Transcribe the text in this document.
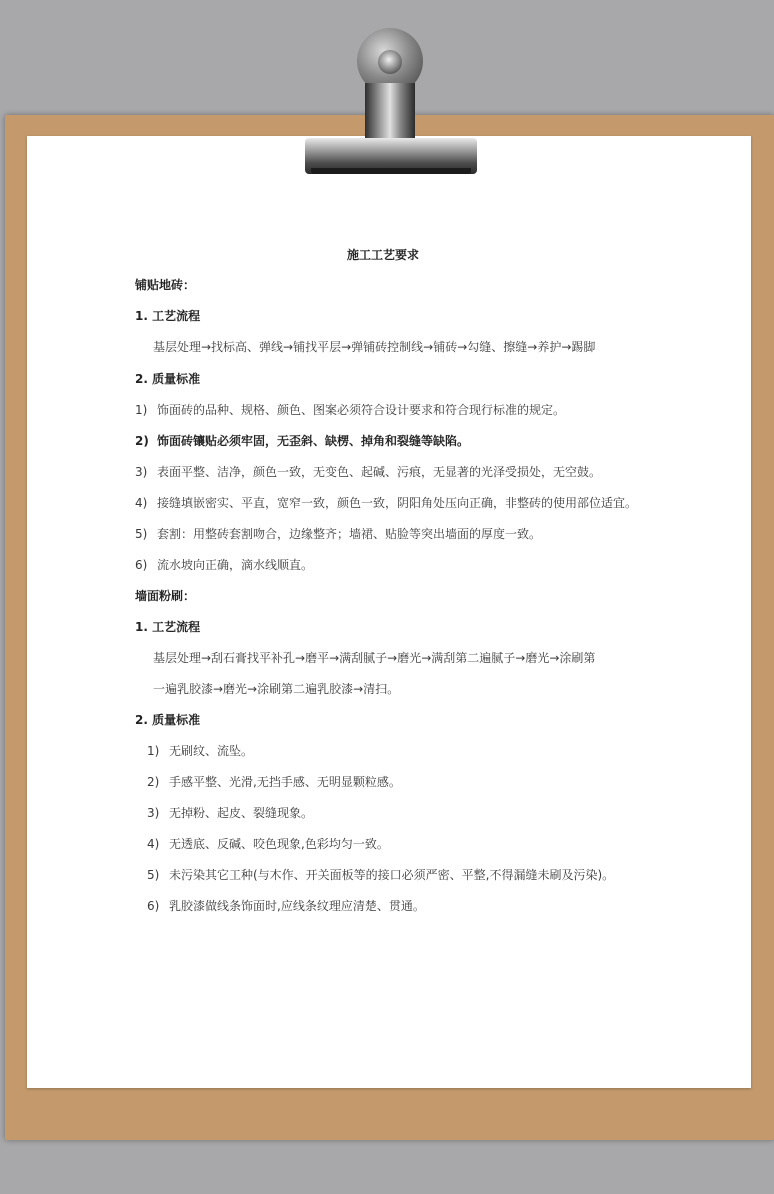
施工工艺要求
铺贴地砖：
1. 工艺流程
基层处理→找标高、弹线→铺找平层→弹铺砖控制线→铺砖→勾缝、擦缝→养护→踢脚
2. 质量标准
1) 饰面砖的品种、规格、颜色、图案必须符合设计要求和符合现行标准的规定。
2) 饰面砖镶贴必须牢固，无歪斜、缺楞、掉角和裂缝等缺陷。
3) 表面平整、洁净，颜色一致，无变色、起碱、污痕，无显著的光泽受损处，无空鼓。
4) 接缝填嵌密实、平直，宽窄一致，颜色一致，阴阳角处压向正确，非整砖的使用部位适宜。
5) 套割：用整砖套割吻合，边缘整齐；墙裙、贴脸等突出墙面的厚度一致。
6) 流水坡向正确，滴水线顺直。
墙面粉刷：
1. 工艺流程
基层处理→刮石膏找平补孔→磨平→满刮腻子→磨光→满刮第二遍腻子→磨光→涂刷第
一遍乳胶漆→磨光→涂刷第二遍乳胶漆→清扫。
2. 质量标准
1) 无刷纹、流坠。
2) 手感平整、光滑,无挡手感、无明显颗粒感。
3) 无掉粉、起皮、裂缝现象。
4) 无透底、反碱、咬色现象,色彩均匀一致。
5) 未污染其它工种(与木作、开关面板等的接口必须严密、平整,不得漏缝未刷及污染)。
6) 乳胶漆做线条饰面时,应线条纹理应清楚、贯通。
